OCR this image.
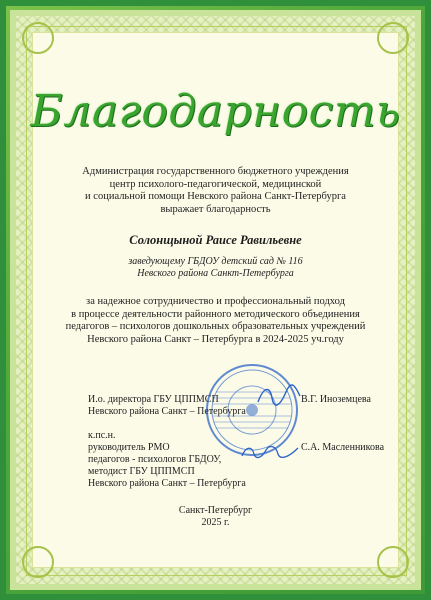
Благодарность
Администрация государственного бюджетного учреждения
центр психолого-педагогической, медицинской
и социальной помощи Невского района Санкт-Петербурга
выражает благодарность
Солонщыной Раисе Равильевне
заведующему ГБДОУ детский сад № 116
Невского района Санкт-Петербурга
за надежное сотрудничество и профессиональный подход
в процессе деятельности районного методического объединения
педагогов – психологов дошкольных образовательных учреждений
Невского района Санкт – Петербурга в 2024-2025 уч.году
И.о. директора ГБУ ЦППМСП
Невского района Санкт – Петербурга
В.Г. Иноземцева
к.пс.н.
руководитель РМО
педагогов - психологов ГБДОУ,
методист ГБУ ЦППМСП
Невского района Санкт – Петербурга
С.А. Масленникова
Санкт-Петербург
2025 г.
